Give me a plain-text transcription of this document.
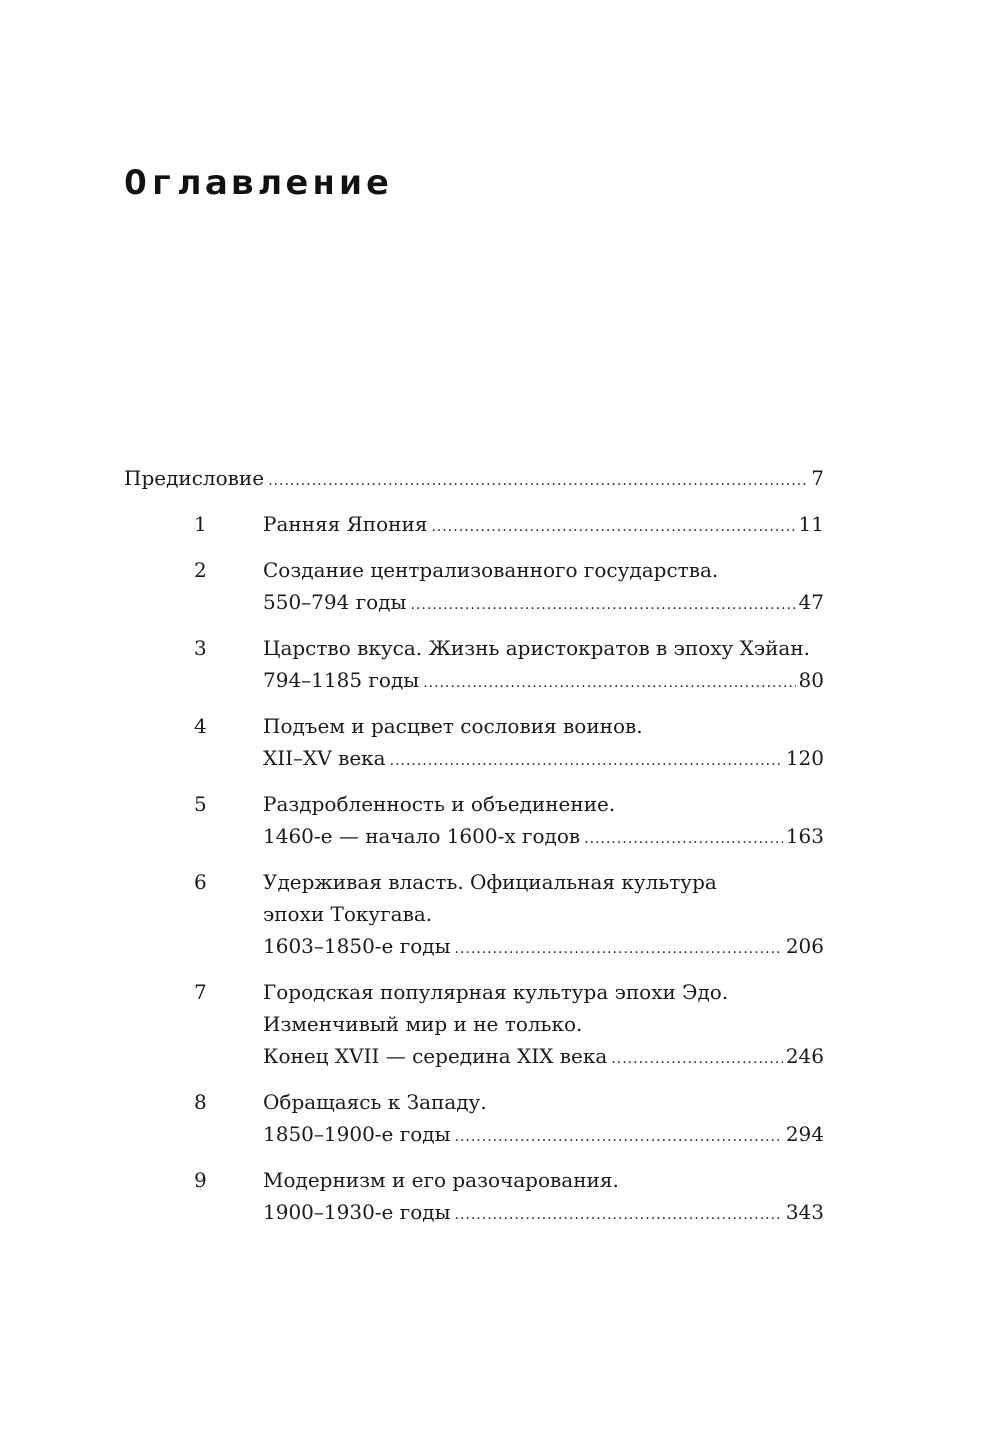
Оглавление
Предисловие .....	7
1	Ранняя Япония .....	11
2	Создание централизованного государства.
550–794 годы .....	47
3	Царство вкуса. Жизнь аристократов в эпоху Хэйан.
794–1185 годы .....	80
4	Подъем и расцвет сословия воинов.
XII–XV века .....	120
5	Раздробленность и объединение.
1460-е — начало 1600-х годов .....	163
6	Удерживая власть. Официальная культура
эпохи Токугава.
1603–1850-е годы .....	206
7	Городская популярная культура эпохи Эдо.
Изменчивый мир и не только.
Конец XVII — середина XIX века .....	246
8	Обращаясь к Западу.
1850–1900-е годы .....	294
9	Модернизм и его разочарования.
1900–1930-е годы .....	343
